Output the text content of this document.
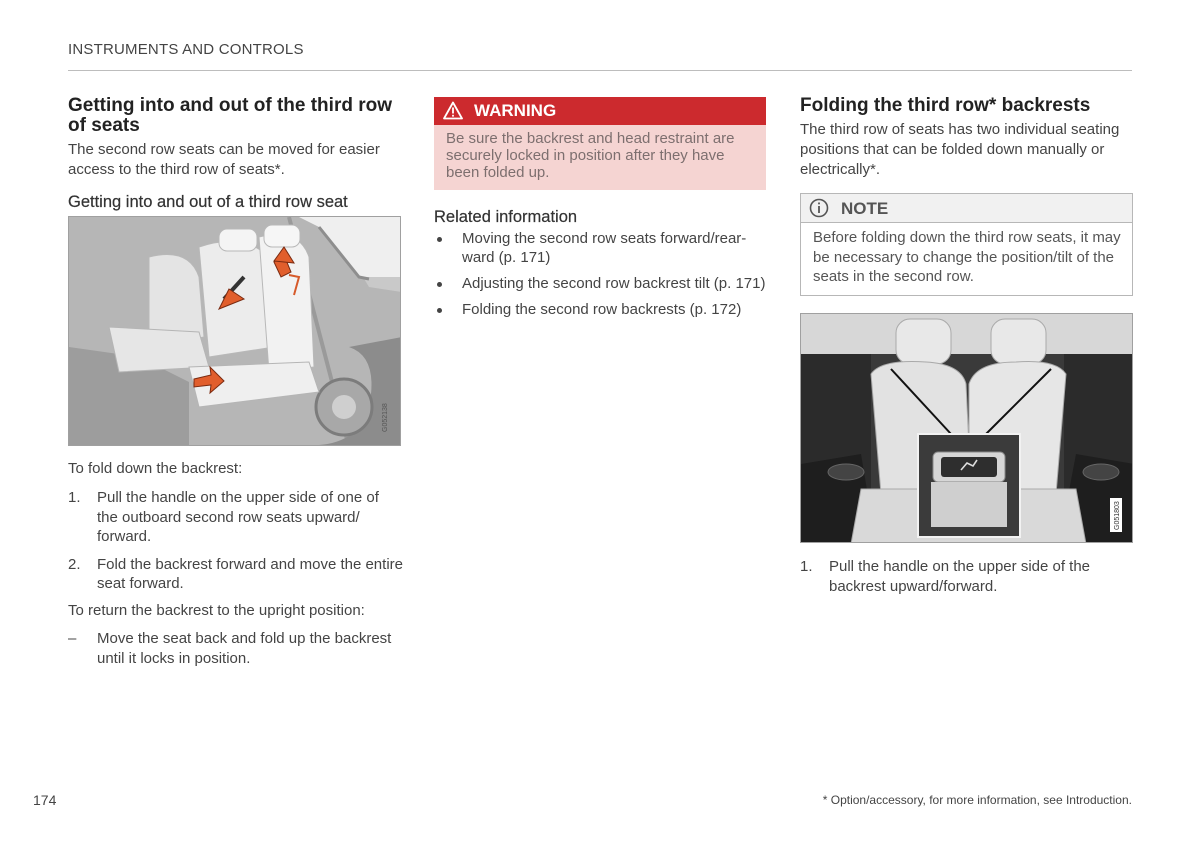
INSTRUMENTS AND CONTROLS
Getting into and out of the third row of seats

The second row seats can be moved for easier access to the third row of seats*.

Getting into and out of a third row seat
G052138

To fold down the backrest:

1. Pull the handle on the upper side of one of the outboard second row seats upward/ forward.
2. Fold the backrest forward and move the entire seat forward.

To return the backrest to the upright position:

– Move the seat back and fold up the backrest until it locks in position.
WARNING
Be sure the backrest and head restraint are securely locked in position after they have been folded up.
Related information
Moving the second row seats forward/rear- ward (p. 171)
Adjusting the second row backrest tilt (p. 171)
Folding the second row backrests (p. 172)
Folding the third row* backrests

The third row of seats has two individual seating positions that can be folded down manually or electrically*.

NOTE
Before folding down the third row seats, it may be necessary to change the position/tilt of the seats in the second row.
G051803
1. Pull the handle on the upper side of the backrest upward/forward.
174	* Option/accessory, for more information, see Introduction.
